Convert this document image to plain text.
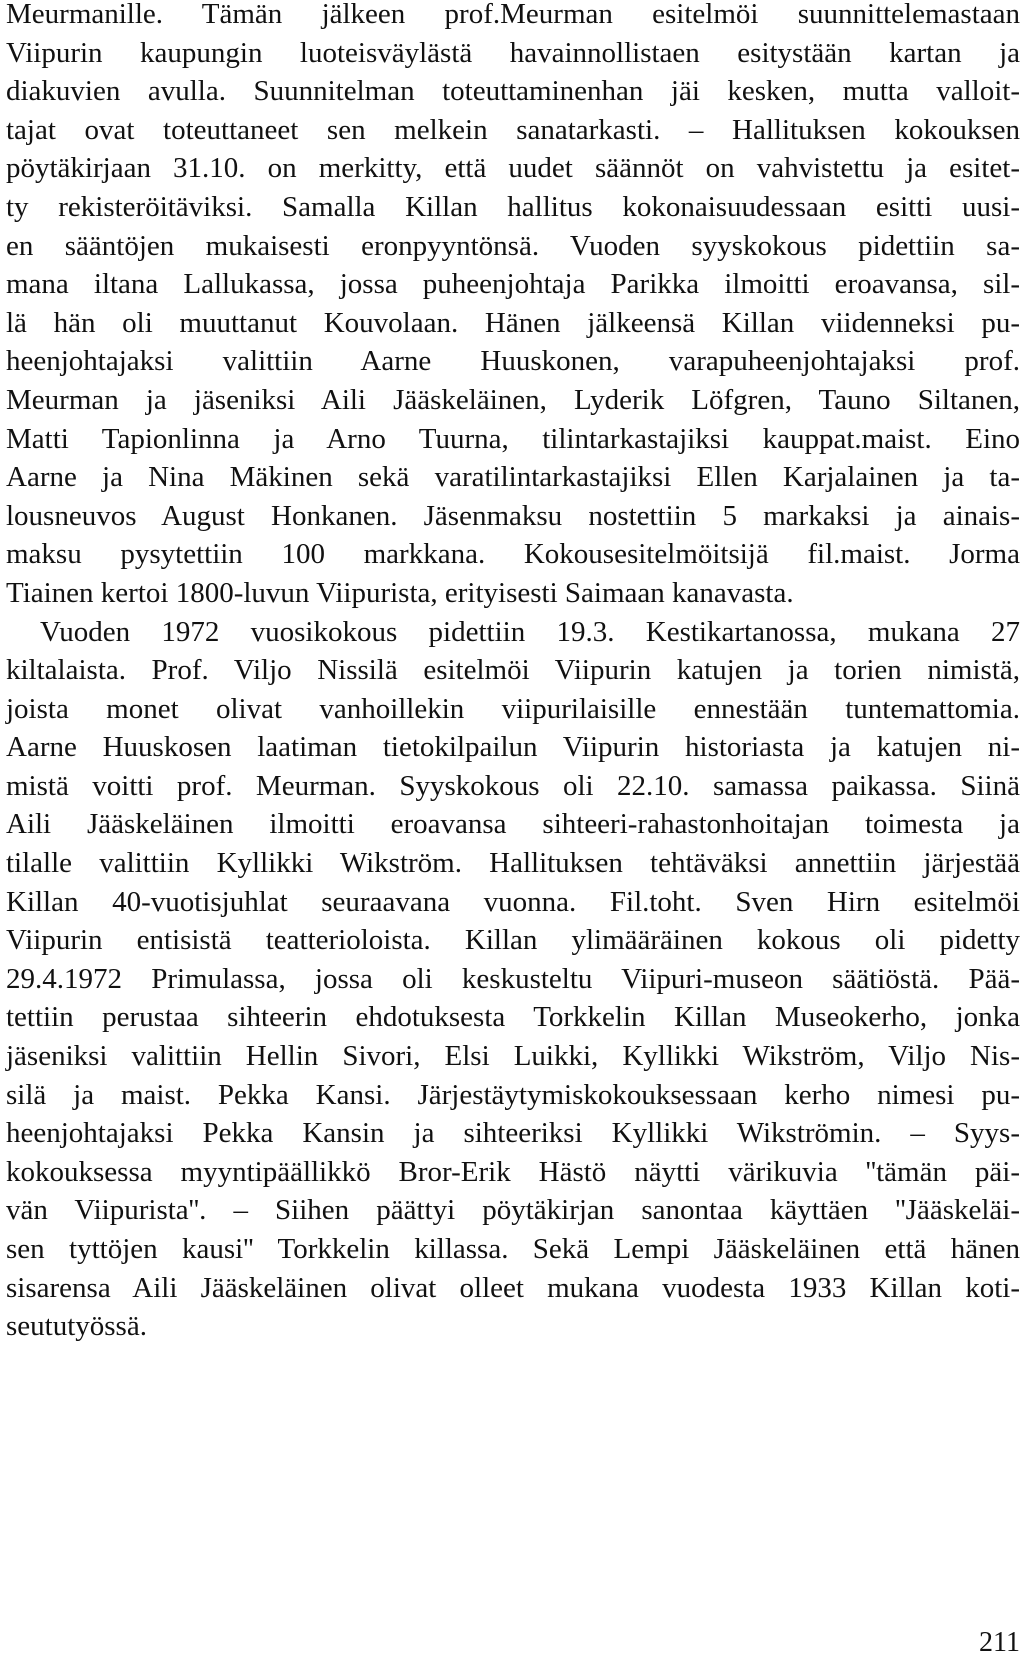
Meurmanille. Tämän jälkeen prof.Meurman esitelmöi suunnittelemastaan
Viipurin kaupungin luoteisväylästä havainnollistaen esitystään kartan ja
diakuvien avulla. Suunnitelman toteuttaminenhan jäi kesken, mutta valloit-
tajat ovat toteuttaneet sen melkein sanatarkasti. – Hallituksen kokouksen
pöytäkirjaan 31.10. on merkitty, että uudet säännöt on vahvistettu ja esitet-
ty rekisteröitäviksi. Samalla Killan hallitus kokonaisuudessaan esitti uusi-
en sääntöjen mukaisesti eronpyyntönsä. Vuoden syyskokous pidettiin sa-
mana iltana Lallukassa, jossa puheenjohtaja Parikka ilmoitti eroavansa, sil-
lä hän oli muuttanut Kouvolaan. Hänen jälkeensä Killan viidenneksi pu-
heenjohtajaksi valittiin Aarne Huuskonen, varapuheenjohtajaksi prof.
Meurman ja jäseniksi Aili Jääskeläinen, Lyderik Löfgren, Tauno Siltanen,
Matti Tapionlinna ja Arno Tuurna, tilintarkastajiksi kauppat.maist. Eino
Aarne ja Nina Mäkinen sekä varatilintarkastajiksi Ellen Karjalainen ja ta-
lousneuvos August Honkanen. Jäsenmaksu nostettiin 5 markaksi ja ainais-
maksu pysytettiin 100 markkana. Kokousesitelmöitsijä fil.maist. Jorma
Tiainen kertoi 1800-luvun Viipurista, erityisesti Saimaan kanavasta.
Vuoden 1972 vuosikokous pidettiin 19.3. Kestikartanossa, mukana 27
kiltalaista. Prof. Viljo Nissilä esitelmöi Viipurin katujen ja torien nimistä,
joista monet olivat vanhoillekin viipurilaisille ennestään tuntemattomia.
Aarne Huuskosen laatiman tietokilpailun Viipurin historiasta ja katujen ni-
mistä voitti prof. Meurman. Syyskokous oli 22.10. samassa paikassa. Siinä
Aili Jääskeläinen ilmoitti eroavansa sihteeri-rahastonhoitajan toimesta ja
tilalle valittiin Kyllikki Wikström. Hallituksen tehtäväksi annettiin järjestää
Killan 40-vuotisjuhlat seuraavana vuonna. Fil.toht. Sven Hirn esitelmöi
Viipurin entisistä teatterioloista. Killan ylimääräinen kokous oli pidetty
29.4.1972 Primulassa, jossa oli keskusteltu Viipuri-museon säätiöstä. Pää-
tettiin perustaa sihteerin ehdotuksesta Torkkelin Killan Museokerho, jonka
jäseniksi valittiin Hellin Sivori, Elsi Luikki, Kyllikki Wikström, Viljo Nis-
silä ja maist. Pekka Kansi. Järjestäytymiskokouksessaan kerho nimesi pu-
heenjohtajaksi Pekka Kansin ja sihteeriksi Kyllikki Wikströmin. – Syys-
kokouksessa myyntipäällikkö Bror-Erik Hästö näytti värikuvia ''tämän päi-
vän Viipurista''. – Siihen päättyi pöytäkirjan sanontaa käyttäen ''Jääskeläi-
sen tyttöjen kausi'' Torkkelin killassa. Sekä Lempi Jääskeläinen että hänen
sisarensa Aili Jääskeläinen olivat olleet mukana vuodesta 1933 Killan koti-
seututyössä.
211
